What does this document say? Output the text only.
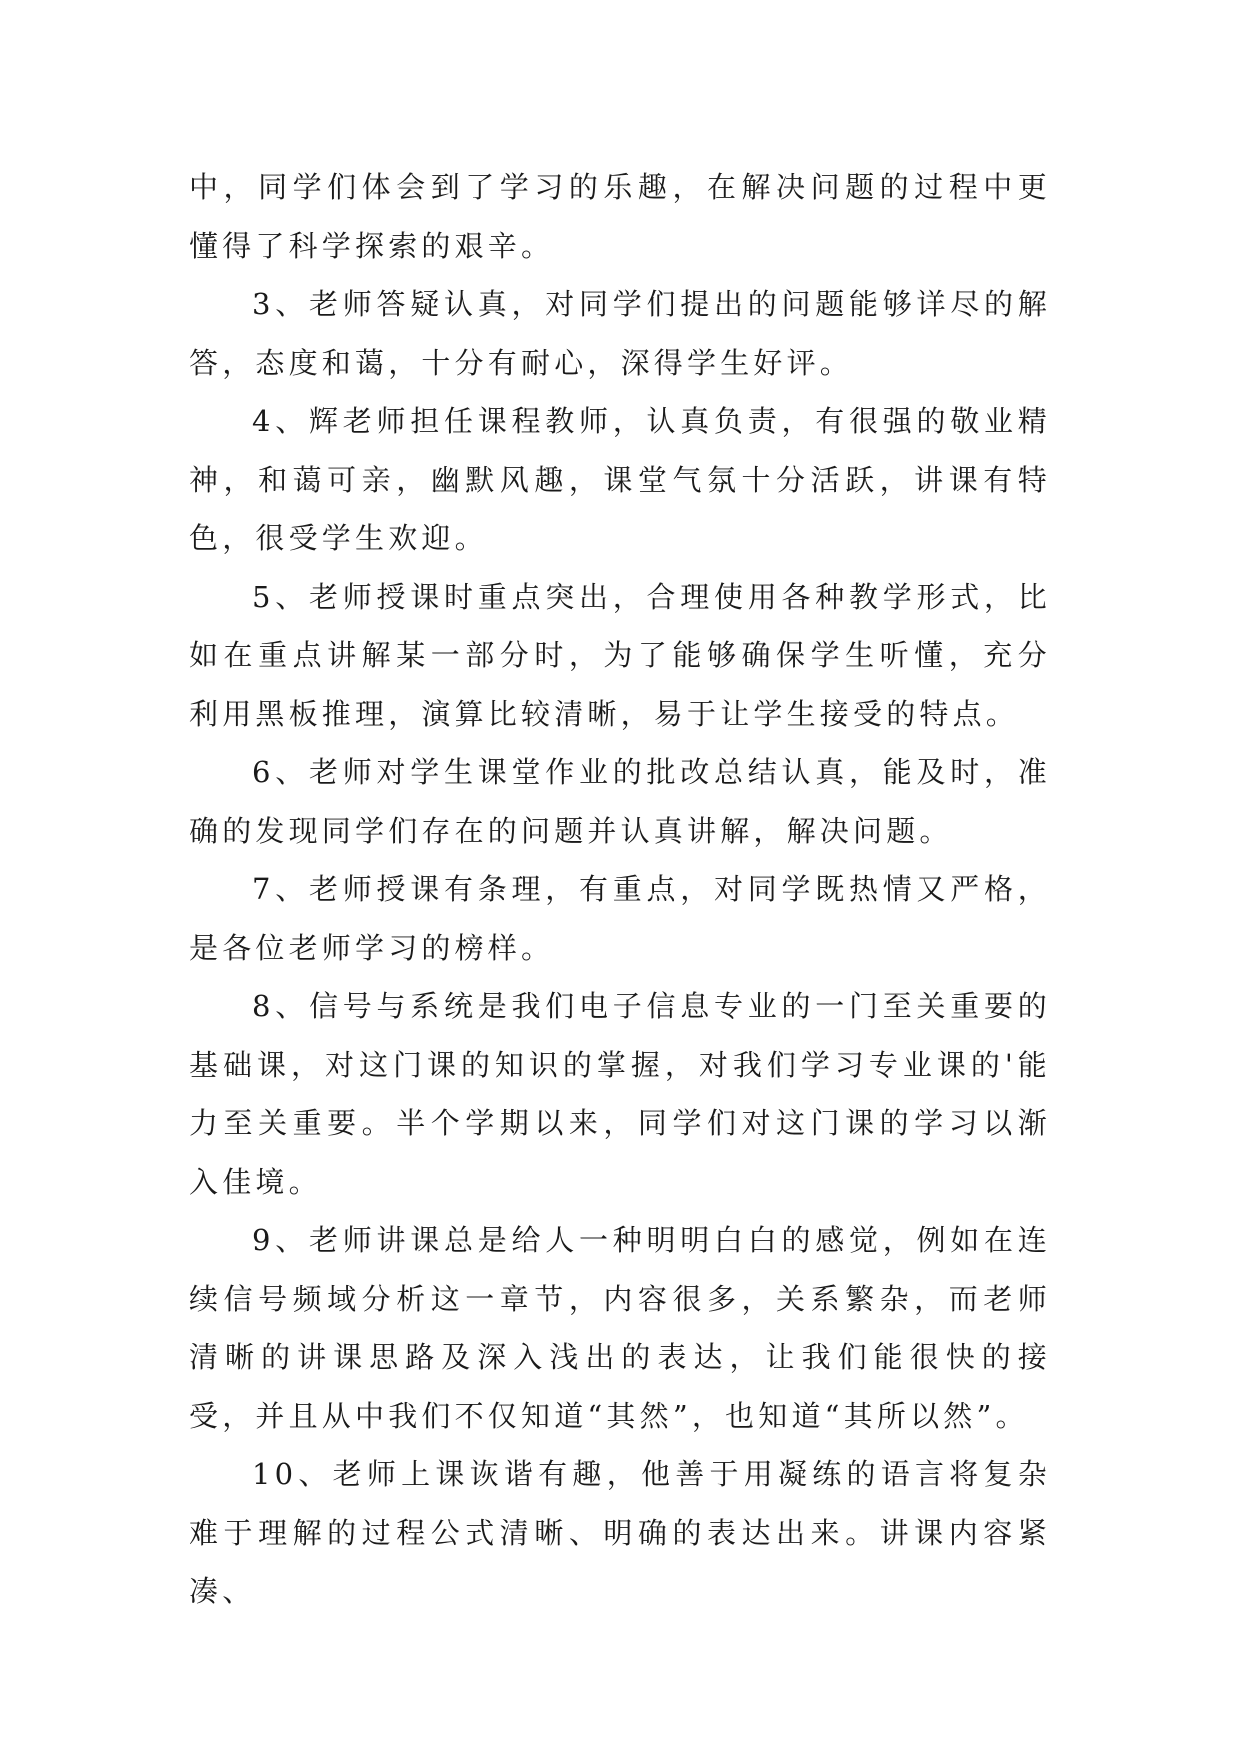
中，同学们体会到了学习的乐趣，在解决问题的过程中更懂得了科学探索的艰辛。

3、老师答疑认真，对同学们提出的问题能够详尽的解答，态度和蔼，十分有耐心，深得学生好评。

4、辉老师担任课程教师，认真负责，有很强的敬业精神，和蔼可亲，幽默风趣，课堂气氛十分活跃，讲课有特色，很受学生欢迎。

5、老师授课时重点突出，合理使用各种教学形式，比如在重点讲解某一部分时，为了能够确保学生听懂，充分利用黑板推理，演算比较清晰，易于让学生接受的特点。

6、老师对学生课堂作业的批改总结认真，能及时，准确的发现同学们存在的问题并认真讲解，解决问题。

7、老师授课有条理，有重点，对同学既热情又严格，是各位老师学习的榜样。

8、信号与系统是我们电子信息专业的一门至关重要的基础课，对这门课的知识的掌握，对我们学习专业课的'能力至关重要。半个学期以来，同学们对这门课的学习以渐入佳境。

9、老师讲课总是给人一种明明白白的感觉，例如在连续信号频域分析这一章节，内容很多，关系繁杂，而老师清晰的讲课思路及深入浅出的表达，让我们能很快的接受，并且从中我们不仅知道“其然”，也知道“其所以然”。

10、老师上课诙谐有趣，他善于用凝练的语言将复杂难于理解的过程公式清晰、明确的表达出来。讲课内容紧凑、
